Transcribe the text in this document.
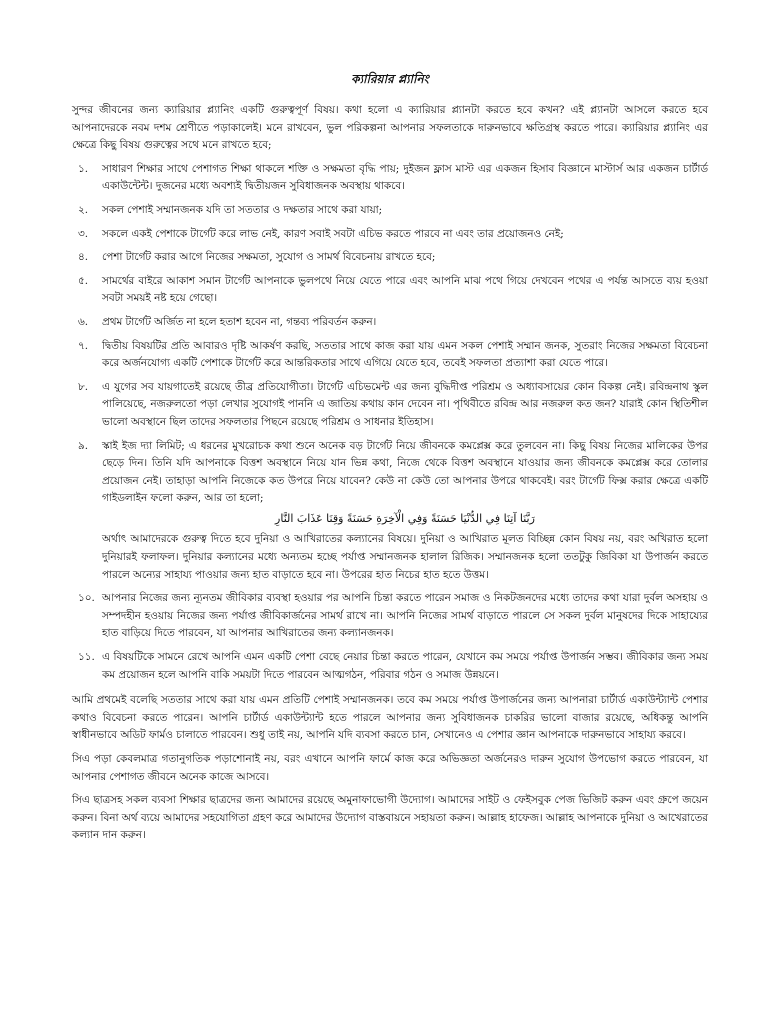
ক্যারিয়ার প্ল্যানিং
সুন্দর জীবনের জন্য ক্যারিয়ার প্ল্যানিং একটি গুরুত্বপূর্ণ বিষয়। কথা হলো এ ক্যারিয়ার প্ল্যানটা করতে হবে কখন? এই প্ল্যানটা আসলে করতে হবে আপনাদেরকে নবম দশম শ্রেণীতে পড়াকালেই। মনে রাখবেন, ভুল পরিকল্পনা আপনার সফলতাকে দারুনভাবে ক্ষতিগ্রস্থ করতে পারে। ক্যারিয়ার প্ল্যানিং এর ক্ষেত্রে কিছু বিষয় গুরুত্বের সথে মনে রাখতে হবে;
১.	সাধারণ শিক্ষার সাথে পেশাগত শিক্ষা থাকলে শক্তি ও সক্ষমতা বৃদ্ধি পায়; দুইজন ফ্লাস মাস্ট এর একজন হিসাব বিজ্ঞানে মাস্টার্স আর একজন চার্টার্ড একাউন্টেন্ট। দুজনের মধ্যে অবশ্যই দ্বিতীয়জন সুবিধাজনক অবস্থায় থাকবে।
২.	সকল পেশাই সম্মানজনক যদি তা সততার ও দক্ষতার সাথে করা যায়া;
৩.	সকলে একই পেশাকে টার্গেট করে লাভ নেই, কারণ সবাই সবটা এচিভ করতে পারবে না এবং তার প্রয়োজনও নেই;
৪.	পেশা টার্গেট করার আগে নিজের সক্ষমতা, সুযোগ ও সামর্থ বিবেচনায় রাখতে হবে;
৫.	সামর্থের বাইরে আকাশ সমান টার্গেট আপনাকে ভুলপথে নিয়ে যেতে পারে এবং আপনি মাঝ পথে গিয়ে দেখবেন পথের এ পর্যন্ত আসতে ব্যয় হওয়া সবটা সময়ই নষ্ট হয়ে গেছো।
৬.	প্রথম টার্গেট অর্জিত না হলে হতাশ হবেন না, গন্তব্য পরিবর্তন করুন।
৭.	দ্বিতীয় বিষয়টির প্রতি আবারও দৃষ্টি আকর্ষণ করছি, সততার সাথে কাজ করা যায় এমন সকল পেশাই সম্মান জনক, সুতরাং নিজের সক্ষমতা বিবেচনা করে অর্জনযোগ্য একটি পেশাকে টার্গেট করে আন্তরিকতার সাথে এগিয়ে যেতে হবে, তবেই সফলতা প্রত্যাশা করা যেতে পারে।
৮.	এ যুগের সব যায়গাতেই রয়েছে তীব্র প্রতিযোগীতা। টার্গেট এচিভমেন্ট এর জন্য বুদ্ধিদীপ্ত পরিশ্রম ও অধ্যাবসায়ের কোন বিকল্প নেই। রবিন্দ্রনাথ স্কুল পালিয়েছে, নজরুলতো পড়া লেখার সুযোগই পাননি এ জাতিয় কথায় কান দেবেন না। পৃথিবীতে রবিন্দ্র আর নজরুল কত জন? যারাই কোন স্থিতিশীল ভালো অবস্থানে ছিল তাদের সফলতার পিছনে রয়েছে পরিশ্রম ও সাধনার ইতিহাস।
৯.	স্কাই ইজ দ্যা লিমিট; এ ধরনের মুখরোচক কথা শুনে অনেক বড় টার্গেট নিয়ে জীবনকে কমপ্লেক্স করে তুলবেন না। কিছু বিষয় নিজের মালিকের উপর ছেড়ে দিন। তিনি যদি আপনাকে বিত্তশ অবস্থানে নিয়ে যান ভিন্ন কথা, নিজে থেকে বিত্তশ অবস্থানে যাওয়ার জন্য জীবনকে কমপ্লেক্স করে তোলার প্রয়োজন নেই। তাহাড়া আপনি নিজেকে কত উপরে নিয়ে যাবেন? কেউ না কেউ তো আপনার উপরে থাকবেই। বরং টার্গেট ফিক্স করার ক্ষেত্রে একটি গাইডলাইন ফলো করুন, আর তা হলো;
رَبَّنَا آتِنَا فِي الدُّنْيَا حَسَنَةً وَفِي الْآخِرَةِ حَسَنَةً وَقِنَا عَذَابَ النَّارِ
অর্থাৎ আমাদেরকে গুরুত্ব দিতে হবে দুনিয়া ও আখিরাতের কল্যানের বিষয়ে। দুনিয়া ও আখিরাত মূলত বিচ্ছিন্ন কোন বিষয় নয়, বরং অখিরাত হলো দুনিয়ারই ফলাফল। দুনিয়ার কল্যানের মধ্যে অন্যতম হচ্ছে পর্যাপ্ত সম্মানজনক হালাল রিজিক। সম্মানজনক হলো ততটুকু জিবিকা যা উপার্জন করতে পারলে অন্যের সাহায্য পাওয়ার জন্য হাত বাড়াতে হবে না। উপরের হাত নিচের হাত হতে উত্তম।
১০. আপনার নিজের জন্য ন্যূনতম জীবিকার ব্যবস্থা হওয়ার পর আপনি চিন্তা করতে পারেন সমাজ ও নিকটজনদের মধ্যে তাদের কথা যারা দুর্বল অসহায় ও সম্পদহীন হওয়ায় নিজের জন্য পর্যাপ্ত জীবিকার্জনের সামর্থ রাখে না। আপনি নিজের সামর্থ বাড়াতে পারলে সে সকল দুর্বল মানুষদের দিকে সাহায্যের হাত বাড়িয়ে দিতে পারবেন, যা আপনার আখিরাতের জন্য কল্যানজনক।
১১. এ বিষয়টিকে সামনে রেখে আপনি এমন একটি পেশা বেছে নেয়ার চিন্তা করতে পারেন, যেখানে কম সময়ে পর্যাপ্ত উপার্জন সম্ভব। জীবিকার জন্য সময় কম প্রয়োজন হলে আপনি বাকি সময়টা দিতে পারবেন আত্মগঠন, পরিবার গঠন ও সমাজ উন্নয়নে।
আমি প্রথমেই বলেছি সততার সাথে করা যায় এমন প্রতিটি পেশাই সম্মানজনক। তবে কম সময়ে পর্যাপ্ত উপার্জনের জন্য আপনারা চার্টার্ড একাউন্ট্যান্ট পেশার কথাও বিবেচনা করতে পারেন। আপনি চার্টার্ড একাউন্ট্যান্ট হতে পারলে আপনার জন্য সুবিধাজনক চাকরির ভালো বাজার রয়েছে, অধিকন্তু আপনি স্বাধীনভাবে অডিট ফার্মও চালাতে পারবেন। শুধু তাই নয়, আপনি যদি ব্যবসা করতে চান, সেখানেও এ পেশার জ্ঞান আপনাকে দারুনভাবে সাহায্য করবে।
সিএ পড়া কেবলমাত্র গতানুগতিক পড়াশোনাই নয়, বরং এখানে আপনি ফার্মে কাজ করে অভিজ্ঞতা অর্জনেরও দারুন সুযোগ উপভোগ করতে পারবেন, যা আপনার পেশাগত জীবনে অনেক কাজে আসবে।
সিএ ছাত্রসহ সকল ব্যবসা শিক্ষার ছাত্রদের জন্য আমাদের রয়েছে অমুনাফাভোগী উদ্যোগ। আমাদের সাইট ও ফেইসবুক পেজ ভিজিট করুন এবং গ্রুপে জয়েন করুন। বিনা অর্থ ব্যয়ে আমাদের সহযোগিতা গ্রহণ করে আমাদের উদ্যোগ বাস্তবায়নে সহায়তা করুন। আল্লাহ হাফেজ। আল্লাহ আপনাকে দুনিয়া ও আখেরাতের কল্যান দান করুন।
